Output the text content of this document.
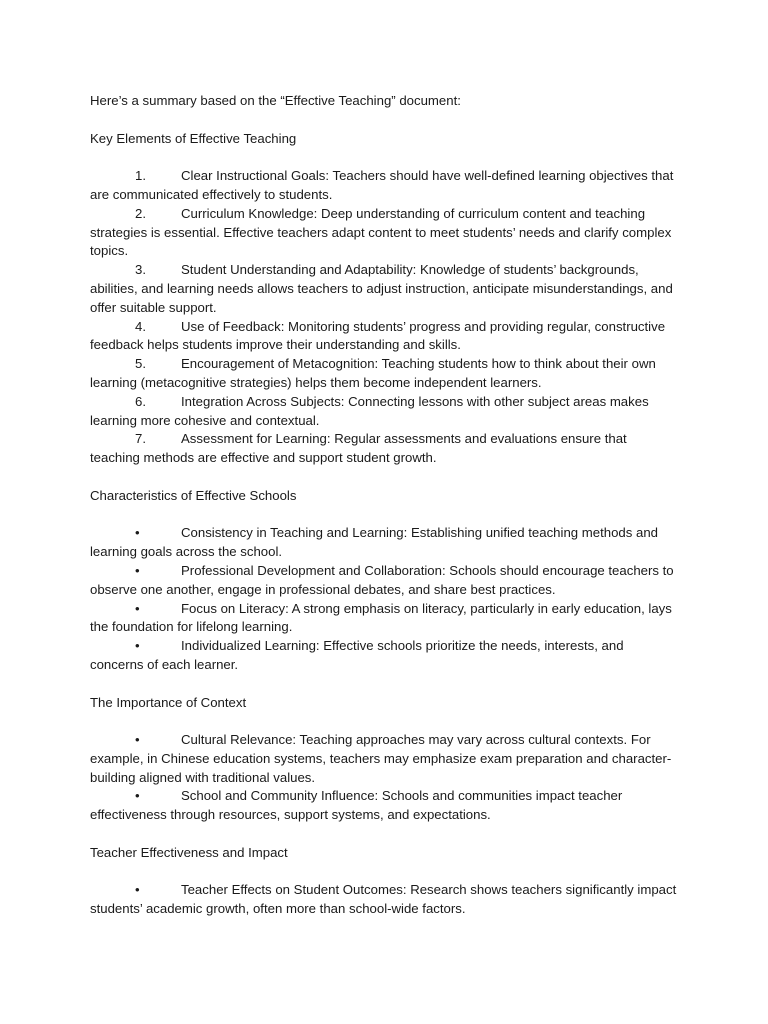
Here’s a summary based on the “Effective Teaching” document:

Key Elements of Effective Teaching

1.	Clear Instructional Goals: Teachers should have well-defined learning objectives that are communicated effectively to students.

2.	Curriculum Knowledge: Deep understanding of curriculum content and teaching strategies is essential. Effective teachers adapt content to meet students’ needs and clarify complex topics.

3.	Student Understanding and Adaptability: Knowledge of students’ backgrounds, abilities, and learning needs allows teachers to adjust instruction, anticipate misunderstandings, and offer suitable support.

4.	Use of Feedback: Monitoring students’ progress and providing regular, constructive feedback helps students improve their understanding and skills.

5.	Encouragement of Metacognition: Teaching students how to think about their own learning (metacognitive strategies) helps them become independent learners.

6.	Integration Across Subjects: Connecting lessons with other subject areas makes learning more cohesive and contextual.

7.	Assessment for Learning: Regular assessments and evaluations ensure that teaching methods are effective and support student growth.

Characteristics of Effective Schools

•	Consistency in Teaching and Learning: Establishing unified teaching methods and learning goals across the school.

•	Professional Development and Collaboration: Schools should encourage teachers to observe one another, engage in professional debates, and share best practices.

•	Focus on Literacy: A strong emphasis on literacy, particularly in early education, lays the foundation for lifelong learning.

•	Individualized Learning: Effective schools prioritize the needs, interests, and concerns of each learner.

The Importance of Context

•	Cultural Relevance: Teaching approaches may vary across cultural contexts. For example, in Chinese education systems, teachers may emphasize exam preparation and character-building aligned with traditional values.

•	School and Community Influence: Schools and communities impact teacher effectiveness through resources, support systems, and expectations.

Teacher Effectiveness and Impact

•	Teacher Effects on Student Outcomes: Research shows teachers significantly impact students’ academic growth, often more than school-wide factors.
